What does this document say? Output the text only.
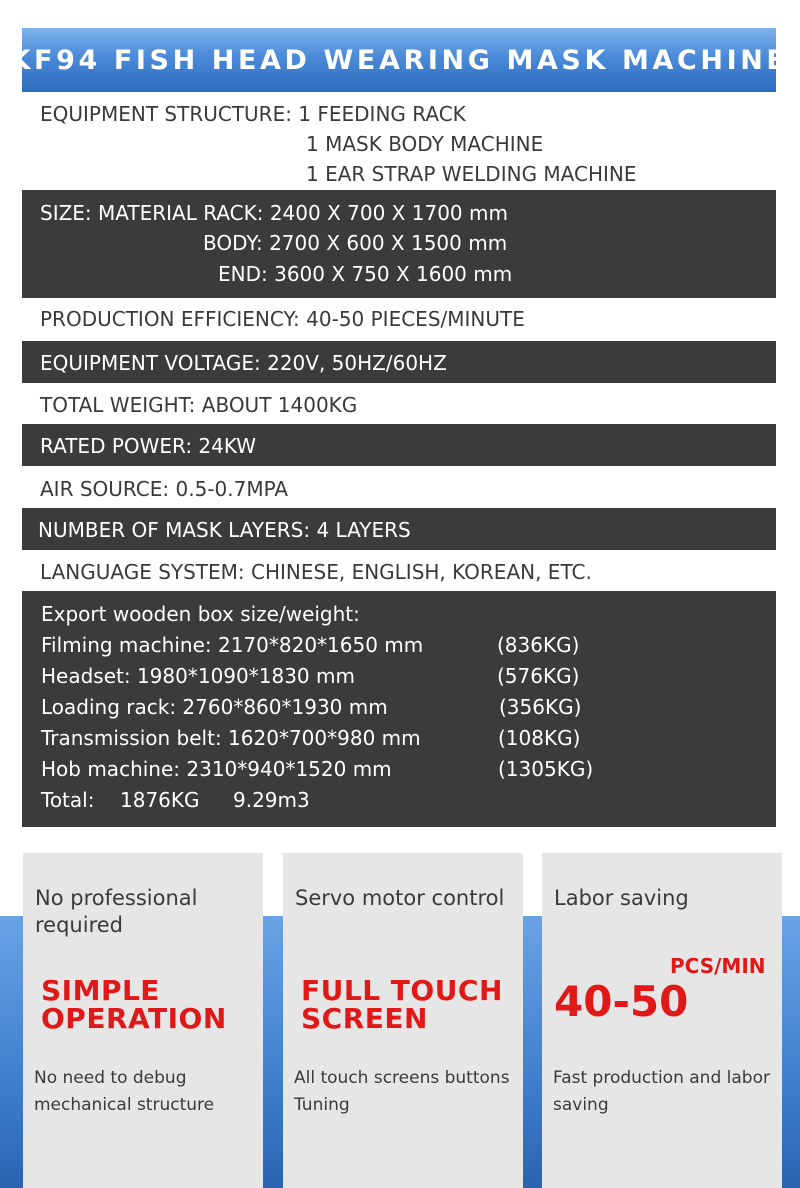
KF94 FISH HEAD WEARING MASK MACHINE
EQUIPMENT STRUCTURE: 1 FEEDING RACK
1 MASK BODY MACHINE
1 EAR STRAP WELDING MACHINE
SIZE: MATERIAL RACK: 2400 X 700 X 1700 mm
BODY: 2700 X 600 X 1500 mm
END: 3600 X 750 X 1600 mm
PRODUCTION EFFICIENCY: 40-50 PIECES/MINUTE
EQUIPMENT VOLTAGE: 220V, 50HZ/60HZ
TOTAL WEIGHT: ABOUT 1400KG
RATED POWER: 24KW
AIR SOURCE: 0.5-0.7MPA
NUMBER OF MASK LAYERS: 4 LAYERS
LANGUAGE SYSTEM: CHINESE, ENGLISH, KOREAN, ETC.
Export wooden box size/weight:
Filming machine: 2170*820*1650 mm	(836KG)
Headset: 1980*1090*1830 mm	(576KG)
Loading rack: 2760*860*1930 mm	(356KG)
Transmission belt: 1620*700*980 mm	(108KG)
Hob machine: 2310*940*1520 mm	(1305KG)
Total: 1876KG 9.29m3
No professional required
SIMPLE OPERATION
No need to debug mechanical structure
Servo motor control
FULL TOUCH SCREEN
All touch screens buttons Tuning
Labor saving
PCS/MIN
40-50
Fast production and labor saving
